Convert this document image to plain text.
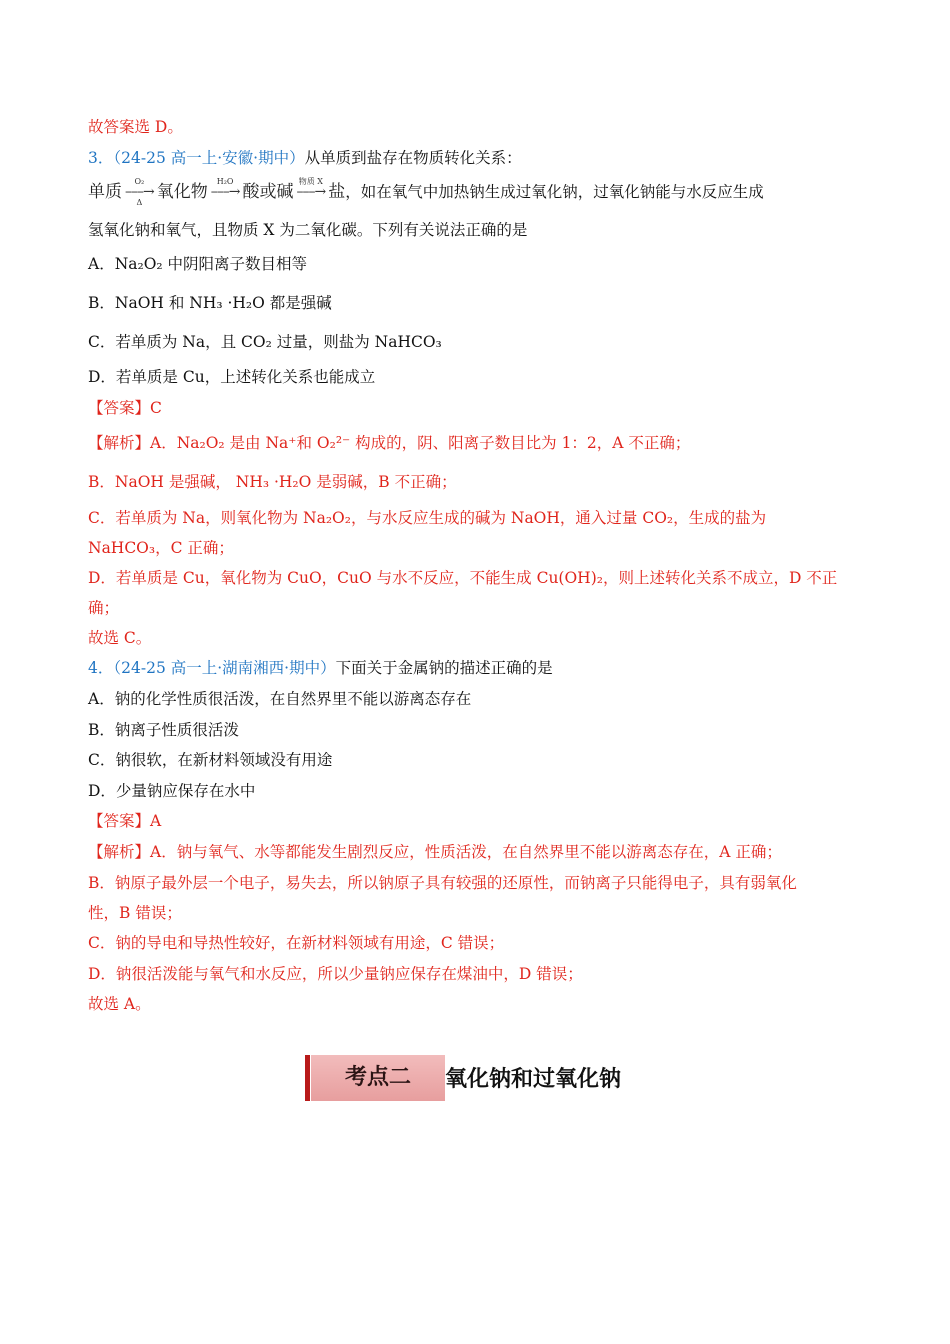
故答案选 D。
3．（24-25 高一上·安徽·期中）从单质到盐存在物质转化关系：
单质
O₂
–––→
Δ
氧化物
H₂O
–––→
酸或碱
物质 X
–––→
盐 ，如在氧气中加热钠生成过氧化钠，过氧化钠能与水反应生成
氢氧化钠和氧气，且物质 X 为二氧化碳。下列有关说法正确的是
A．Na₂O₂ 中阴阳离子数目相等
B．NaOH 和 NH₃ ·H₂O 都是强碱
C．若单质为 Na，且 CO₂ 过量，则盐为 NaHCO₃
D．若单质是 Cu，上述转化关系也能成立
【答案】C
【解析】A．Na₂O₂ 是由 Na⁺和 O₂²⁻ 构成的，阴、阳离子数目比为 1：2，A 不正确；
B．NaOH 是强碱， NH₃ ·H₂O 是弱碱，B 不正确；
C．若单质为 Na，则氧化物为 Na₂O₂，与水反应生成的碱为 NaOH，通入过量 CO₂，生成的盐为
NaHCO₃，C 正确；
D．若单质是 Cu，氧化物为 CuO，CuO 与水不反应，不能生成 Cu(OH)₂，则上述转化关系不成立，D 不正
确；
故选 C。
4．（24-25 高一上·湖南湘西·期中）下面关于金属钠的描述正确的是
A．钠的化学性质很活泼，在自然界里不能以游离态存在
B．钠离子性质很活泼
C．钠很软，在新材料领域没有用途
D．少量钠应保存在水中
【答案】A
【解析】A．钠与氧气、水等都能发生剧烈反应，性质活泼，在自然界里不能以游离态存在，A 正确；
B．钠原子最外层一个电子，易失去，所以钠原子具有较强的还原性，而钠离子只能得电子，具有弱氧化
性，B 错误；
C．钠的导电和导热性较好，在新材料领域有用途，C 错误；
D．钠很活泼能与氧气和水反应，所以少量钠应保存在煤油中，D 错误；
故选 A。
考点二	氧化钠和过氧化钠
